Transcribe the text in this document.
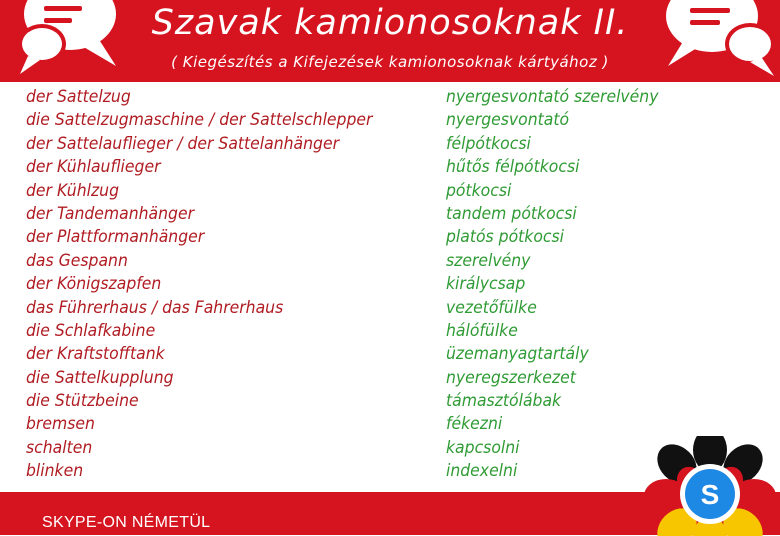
Szavak kamionosoknak II.
( Kiegészítés a Kifejezések kamionosoknak kártyához )
der Sattelzug
die Sattelzugmaschine / der Sattelschlepper
der Sattelauflieger / der Sattelanhänger
der Kühlauflieger
der Kühlzug
der Tandemanhänger
der Plattformanhänger
das Gespann
der Königszapfen
das Führerhaus / das Fahrerhaus
die Schlafkabine
der Kraftstofftank
die Sattelkupplung
die Stützbeine
bremsen
schalten
blinken
nyergesvontató szerelvény
nyergesvontató
félpótkocsi
hűtős félpótkocsi
pótkocsi
tandem pótkocsi
platós pótkocsi
szerelvény
királycsap
vezetőfülke
hálófülke
üzemanyagtartály
nyeregszerkezet
támasztólábak
fékezni
kapcsolni
indexelni
SKYPE-ON NÉMETÜL
S
